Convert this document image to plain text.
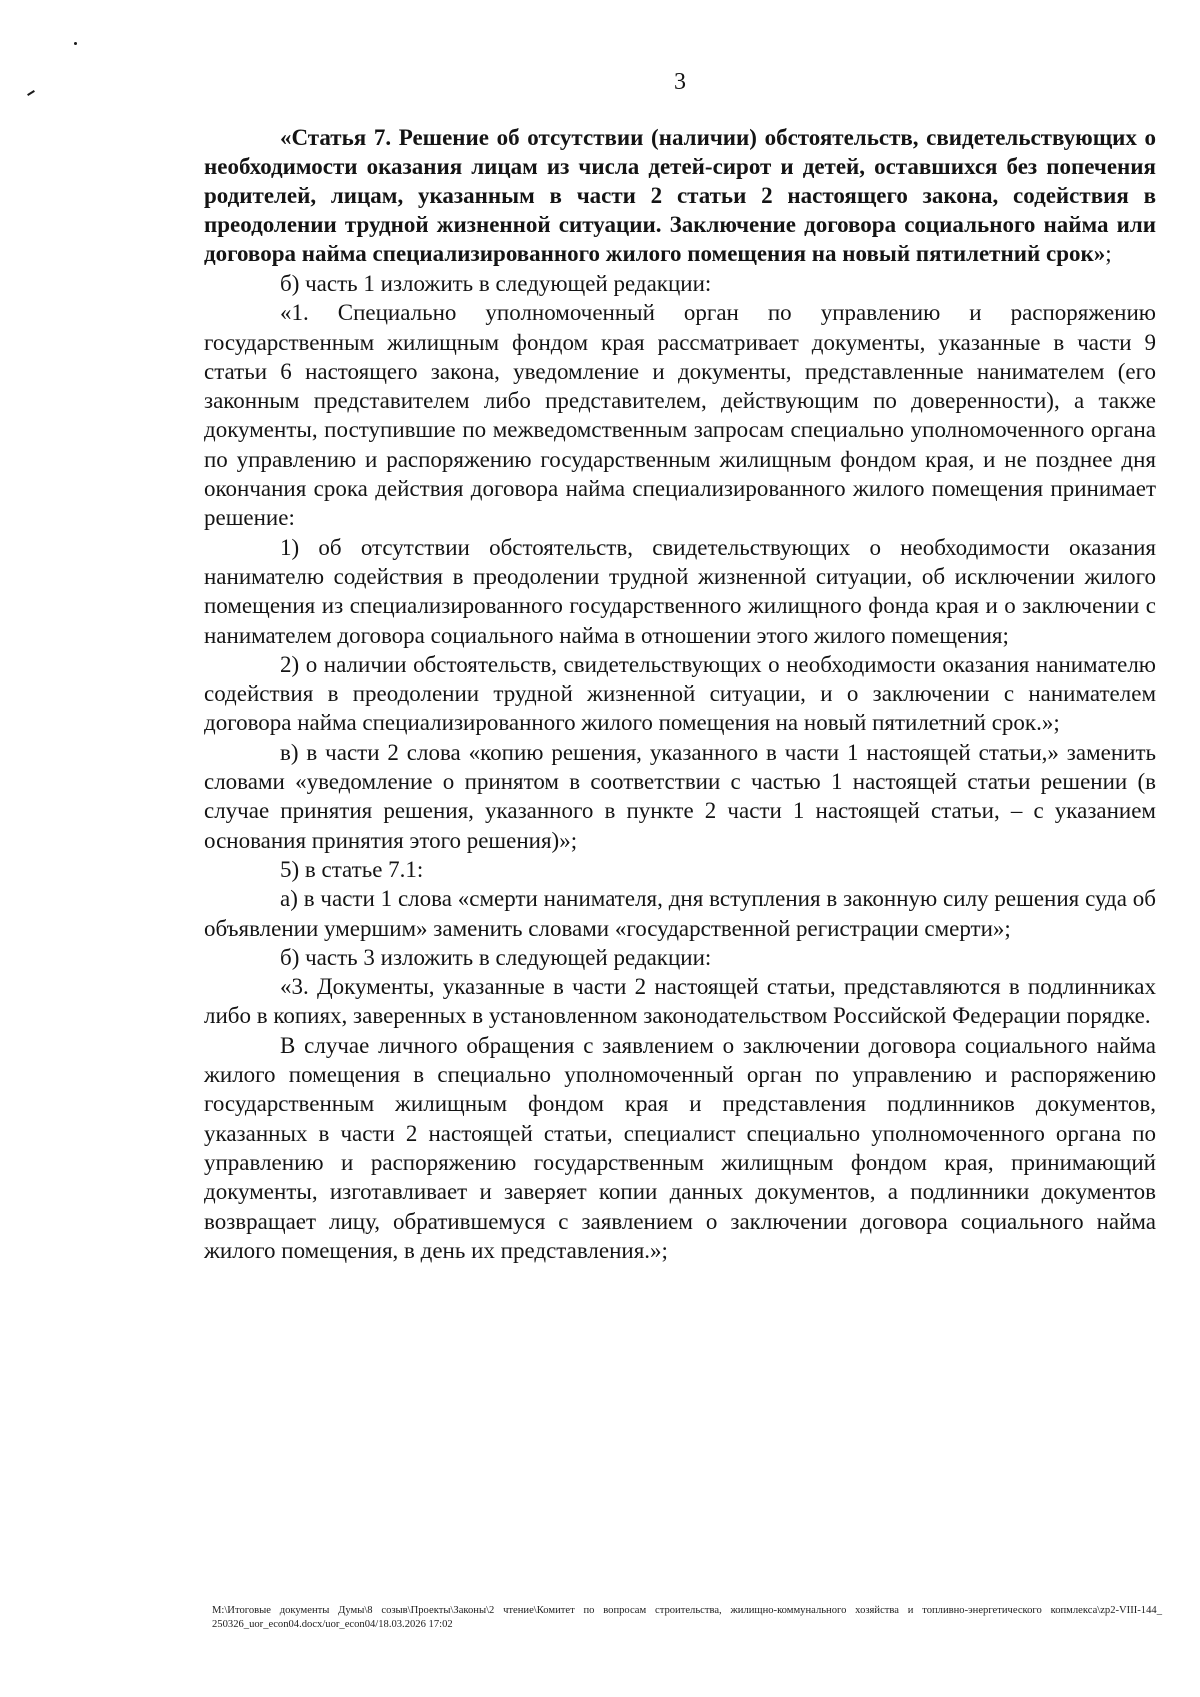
3

«Статья 7. Решение об отсутствии (наличии) обстоятельств, свидетельствующих о необходимости оказания лицам из числа детей-сирот и детей, оставшихся без попечения родителей, лицам, указанным в части 2 статьи 2 настоящего закона, содействия в преодолении трудной жизненной ситуации. Заключение договора социального найма или договора найма специализированного жилого помещения на новый пятилетний срок»;

б) часть 1 изложить в следующей редакции:

«1. Специально уполномоченный орган по управлению и распоряжению государственным жилищным фондом края рассматривает документы, указанные в части 9 статьи 6 настоящего закона, уведомление и документы, представленные нанимателем (его законным представителем либо представителем, действующим по доверенности), а также документы, поступившие по межведомственным запросам специально уполномоченного органа по управлению и распоряжению государственным жилищным фондом края, и не позднее дня окончания срока действия договора найма специализированного жилого помещения принимает решение:

1) об отсутствии обстоятельств, свидетельствующих о необходимости оказания нанимателю содействия в преодолении трудной жизненной ситуации, об исключении жилого помещения из специализированного государственного жилищного фонда края и о заключении с нанимателем договора социального найма в отношении этого жилого помещения;

2) о наличии обстоятельств, свидетельствующих о необходимости оказания нанимателю содействия в преодолении трудной жизненной ситуации, и о заключении с нанимателем договора найма специализированного жилого помещения на новый пятилетний срок.»;

в) в части 2 слова «копию решения, указанного в части 1 настоящей статьи,» заменить словами «уведомление о принятом в соответствии с частью 1 настоящей статьи решении (в случае принятия решения, указанного в пункте 2 части 1 настоящей статьи, – с указанием основания принятия этого решения)»;

5) в статье 7.1:

а) в части 1 слова «смерти нанимателя, дня вступления в законную силу решения суда об объявлении умершим» заменить словами «государственной регистрации смерти»;

б) часть 3 изложить в следующей редакции:

«3. Документы, указанные в части 2 настоящей статьи, представляются в подлинниках либо в копиях, заверенных в установленном законодательством Российской Федерации порядке.

В случае личного обращения с заявлением о заключении договора социального найма жилого помещения в специально уполномоченный орган по управлению и распоряжению государственным жилищным фондом края и представления подлинников документов, указанных в части 2 настоящей статьи, специалист специально уполномоченного органа по управлению и распоряжению государственным жилищным фондом края, принимающий документы, изготавливает и заверяет копии данных документов, а подлинники документов возвращает лицу, обратившемуся с заявлением о заключении договора социального найма жилого помещения, в день их представления.»;

М:\Итоговые документы Думы\8 созыв\Проекты\Законы\2 чтение\Комитет по вопросам строительства, жилищно-коммунального хозяйства и топливно-энергетического копмлекса\zp2-VIII-144_ 250326_uor_econ04.docx/uor_econ04/18.03.2026 17:02
